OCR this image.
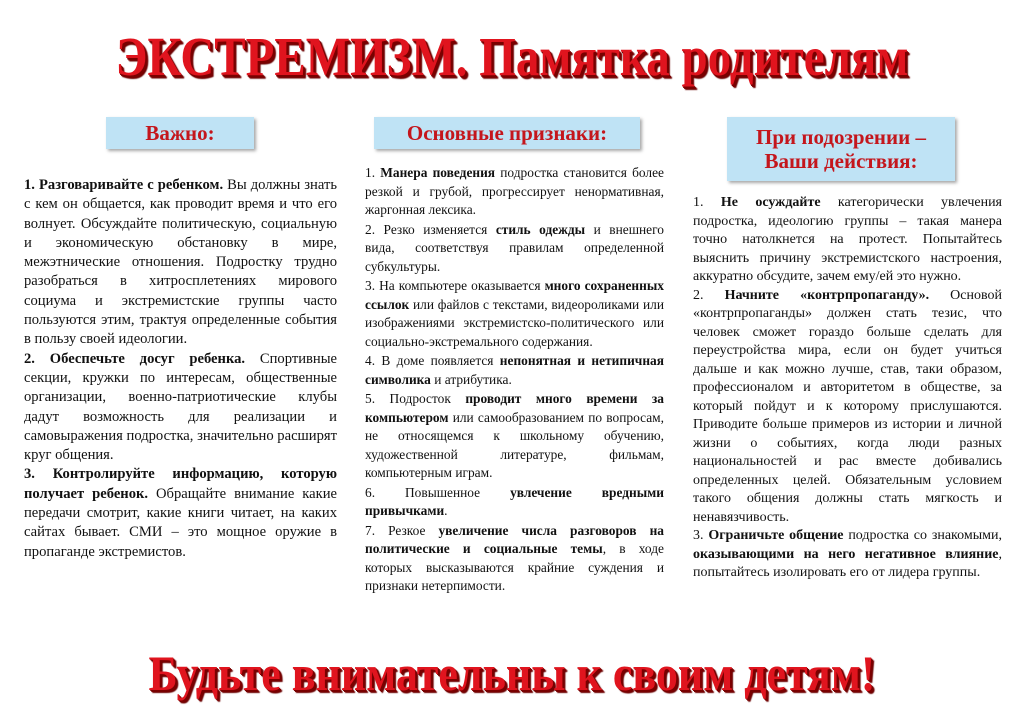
ЭКСТРЕМИЗМ. Памятка родителям
Важно:	Основные признаки:	При подозрении –
Ваши действия:

1. Разговаривайте с ребенком. Вы должны знать с кем он общается, как проводит время и что его волнует. Обсуждайте политическую, социальную и экономическую обстановку в мире, межэтнические отношения. Подростку трудно разобраться в хитросплетениях мирового социума и экстремистские группы часто пользуются этим, трактуя определенные события в пользу своей идеологии.

2. Обеспечьте досуг ребенка. Спортивные секции, кружки по интересам, общественные организации, военно-патриотические клубы дадут возможность для реализации и самовыражения подростка, значительно расширят круг общения.

3. Контролируйте информацию, которую получает ребенок. Обращайте внимание какие передачи смотрит, какие книги читает, на каких сайтах бывает. СМИ – это мощное оружие в пропаганде экстремистов.

1. Манера поведения подростка становится более резкой и грубой, прогрессирует ненормативная, жаргонная лексика.

2. Резко изменяется стиль одежды и внешнего вида, соответствуя правилам определенной субкультуры.

3. На компьютере оказывается много сохраненных ссылок или файлов с текстами, видеороликами или изображениями экстремистско-политического или социально-экстремального содержания.

4. В доме появляется непонятная и нетипичная символика и атрибутика.

5. Подросток проводит много времени за компьютером или самообразованием по вопросам, не относящемся к школьному обучению, художественной литературе, фильмам, компьютерным играм.

6. Повышенное увлечение вредными привычками.

7. Резкое увеличение числа разговоров на политические и социальные темы, в ходе которых высказываются крайние суждения и признаки нетерпимости.

1. Не осуждайте категорически увлечения подростка, идеологию группы – такая манера точно натолкнется на протест. Попытайтесь выяснить причину экстремистского настроения, аккуратно обсудите, зачем ему/ей это нужно.

2. Начните «контрпропаганду». Основой «контрпропаганды» должен стать тезис, что человек сможет гораздо больше сделать для переустройства мира, если он будет учиться дальше и как можно лучше, став, таки образом, профессионалом и авторитетом в обществе, за который пойдут и к которому прислушаются. Приводите больше примеров из истории и личной жизни о событиях, когда люди разных национальностей и рас вместе добивались определенных целей. Обязательным условием такого общения должны стать мягкость и ненавязчивость.

3. Ограничьте общение подростка со знакомыми, оказывающими на него негативное влияние, попытайтесь изолировать его от лидера группы.

Будьте внимательны к своим детям!
